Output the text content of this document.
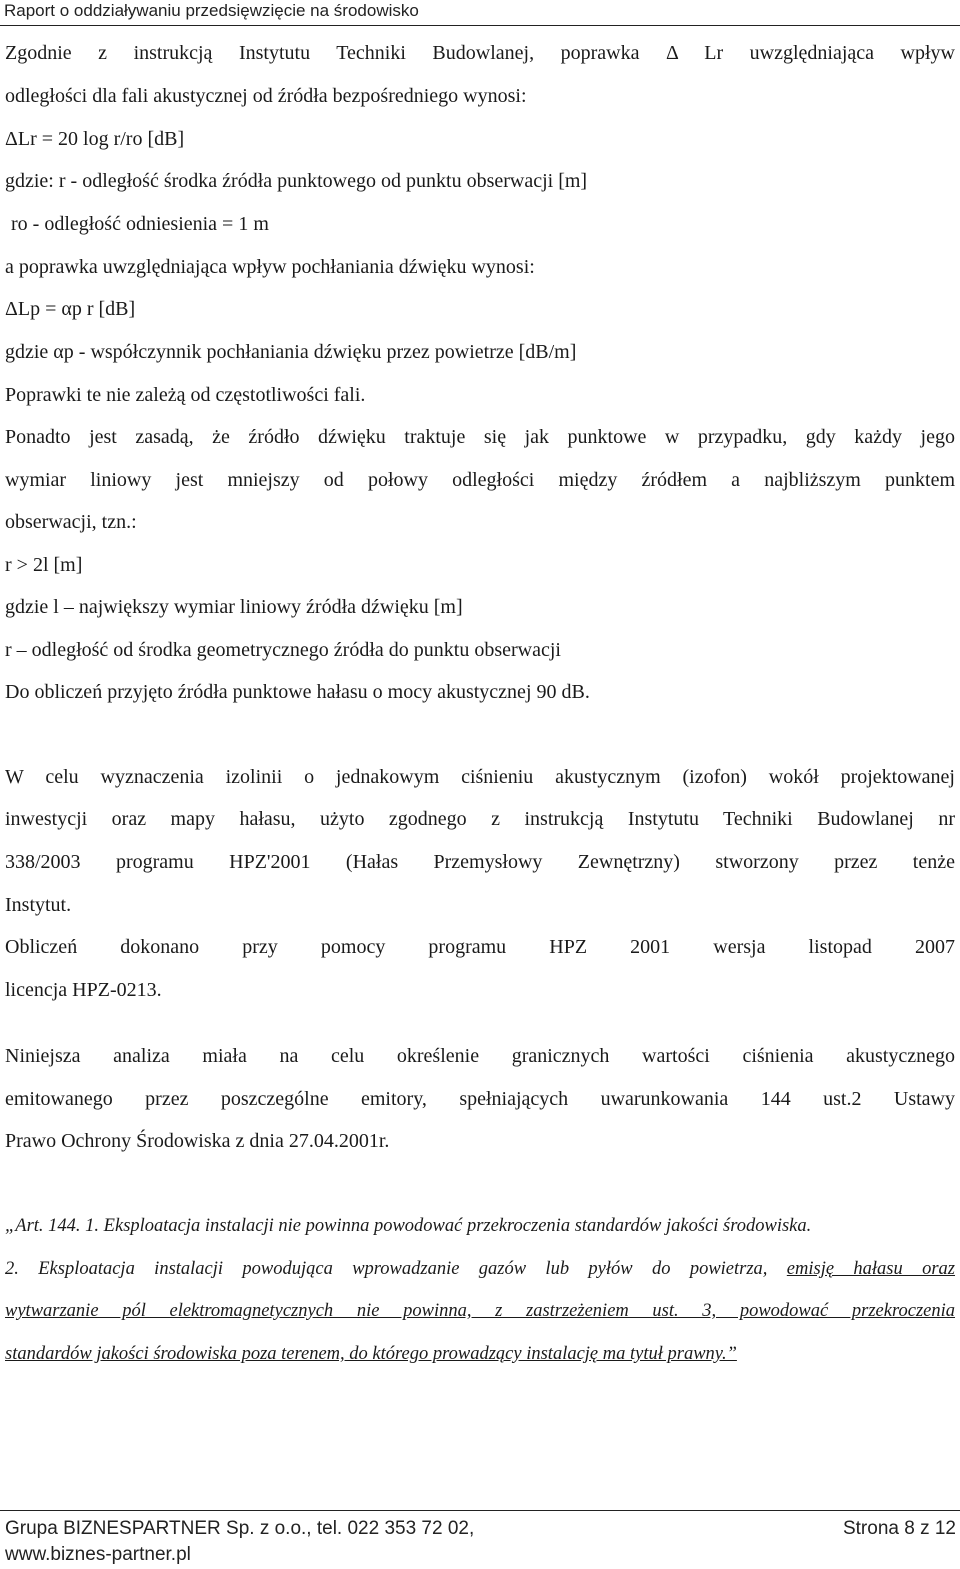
Raport o oddziaływaniu przedsięwzięcie na środowisko
Zgodnie z instrukcją Instytutu Techniki Budowlanej, poprawka Δ Lr uwzględniająca wpływ
odległości dla fali akustycznej od źródła bezpośredniego wynosi:
ΔLr = 20 log r/ro [dB]
gdzie: r - odległość środka źródła punktowego od punktu obserwacji [m]
ro - odległość odniesienia = 1 m
a poprawka uwzględniająca wpływ pochłaniania dźwięku wynosi:
ΔLp = αp r [dB]
gdzie αp - współczynnik pochłaniania dźwięku przez powietrze [dB/m]
Poprawki te nie zależą od częstotliwości fali.
Ponadto jest zasadą, że źródło dźwięku traktuje się jak punktowe w przypadku, gdy każdy jego
wymiar liniowy jest mniejszy od połowy odległości między źródłem a najbliższym punktem
obserwacji, tzn.:
r > 2l [m]
gdzie l – największy wymiar liniowy źródła dźwięku [m]
r – odległość od środka geometrycznego źródła do punktu obserwacji
Do obliczeń przyjęto źródła punktowe hałasu o mocy akustycznej 90 dB.
W celu wyznaczenia izolinii o jednakowym ciśnieniu akustycznym (izofon) wokół projektowanej
inwestycji oraz mapy hałasu, użyto zgodnego z instrukcją Instytutu Techniki Budowlanej nr
338/2003 programu HPZ'2001 (Hałas Przemysłowy Zewnętrzny) stworzony przez tenże
Instytut.
Obliczeń dokonano przy pomocy programu HPZ 2001 wersja listopad 2007
licencja HPZ-0213.
Niniejsza analiza miała na celu określenie granicznych wartości ciśnienia akustycznego
emitowanego przez poszczególne emitory, spełniających uwarunkowania 144 ust.2 Ustawy
Prawo Ochrony Środowiska z dnia 27.04.2001r.
„Art. 144. 1. Eksploatacja instalacji nie powinna powodować przekroczenia standardów jakości środowiska.
2. Eksploatacja instalacji powodująca wprowadzanie gazów lub pyłów do powietrza, emisję hałasu oraz
wytwarzanie pól elektromagnetycznych nie powinna, z zastrzeżeniem ust. 3, powodować przekroczenia
standardów jakości środowiska poza terenem, do którego prowadzący instalację ma tytuł prawny.”
Grupa BIZNESPARTNER Sp. z o.o., tel. 022 353 72 02,	Strona 8 z 12
www.biznes-partner.pl
